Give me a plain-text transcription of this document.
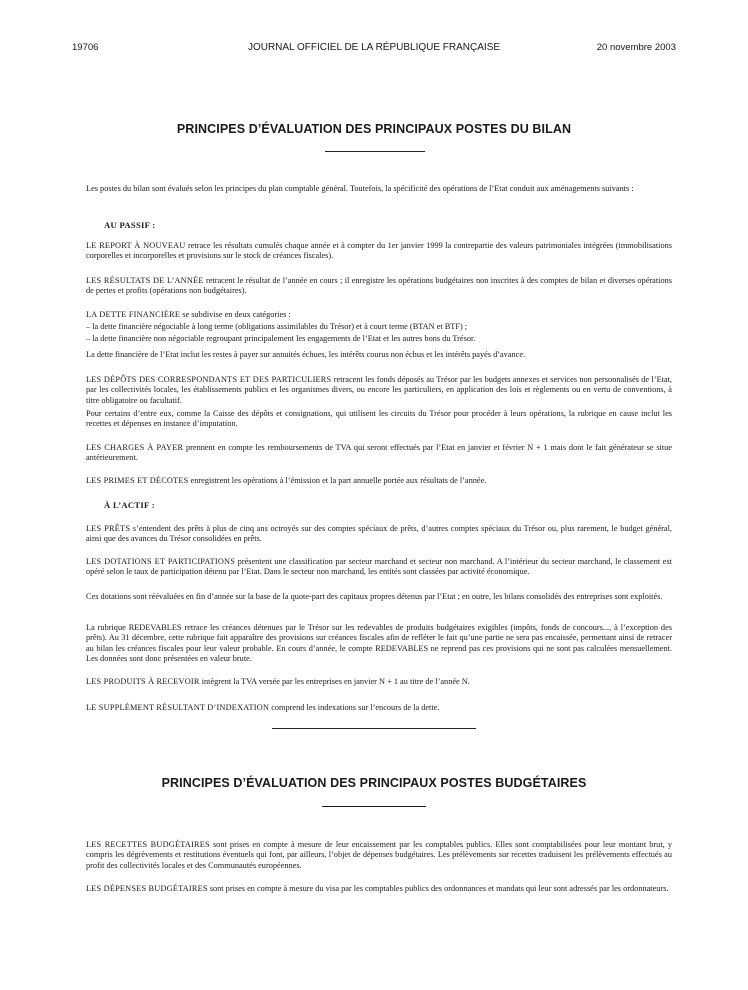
19706	JOURNAL OFFICIEL DE LA RÉPUBLIQUE FRANÇAISE	20 novembre 2003
PRINCIPES D’ÉVALUATION DES PRINCIPAUX POSTES DU BILAN
Les postes du bilan sont évalués selon les principes du plan comptable général. Toutefois, la spécificité des opérations de l’Etat conduit aux aménagements suivants :
AU PASSIF :
LE REPORT À NOUVEAU retrace les résultats cumulés chaque année et à compter du 1er janvier 1999 la contrepartie des valeurs patrimoniales intégrées (immobilisations corporelles et incorporelles et provisions sur le stock de créances fiscales).
LES RÉSULTATS DE L’ANNÉE retracent le résultat de l’année en cours ; il enregistre les opérations budgétaires non inscrites à des comptes de bilan et diverses opérations de pertes et profits (opérations non budgétaires).
LA DETTE FINANCIÈRE se subdivise en deux catégories :
– la dette financière négociable à long terme (obligations assimilables du Trésor) et à court terme (BTAN et BTF) ;
– la dette financière non négociable regroupant principalement les engagements de l’Etat et les autres bons du Trésor.
La dette financière de l’Etat inclut les restes à payer sur annuités échues, les intérêts courus non échus et les intérêts payés d’avance.
LES DÉPÔTS DES CORRESPONDANTS ET DES PARTICULIERS retracent les fonds déposés au Trésor par les budgets annexes et services non personnalisés de l’Etat, par les collectivités locales, les établissements publics et les organismes divers, ou encore les particuliers, en application des lois et règlements ou en vertu de conventions, à titre obligatoire ou facultatif.
Pour certains d’entre eux, comme la Caisse des dépôts et consignations, qui utilisent les circuits du Trésor pour procéder à leurs opérations, la rubrique en cause inclut les recettes et dépenses en instance d’imputation.
LES CHARGES À PAYER prennent en compte les remboursements de TVA qui seront effectués par l’Etat en janvier et février N + 1 mais dont le fait générateur se situe antérieurement.
LES PRIMES ET DÉCOTES enregistrent les opérations à l’émission et la part annuelle portée aux résultats de l’année.
À L’ACTIF :
LES PRÊTS s’entendent des prêts à plus de cinq ans octroyés sur des comptes spéciaux de prêts, d’autres comptes spéciaux du Trésor ou, plus rarement, le budget général, ainsi que des avances du Trésor consolidées en prêts.
LES DOTATIONS ET PARTICIPATIONS présentent une classification par secteur marchand et secteur non marchand. A l’intérieur du secteur marchand, le classement est opéré selon le taux de participation détenu par l’Etat. Dans le secteur non marchand, les entités sont classées par activité économique.
Ces dotations sont réévaluées en fin d’année sur la base de la quote-part des capitaux propres détenus par l’Etat ; en outre, les bilans consolidés des entreprises sont exploités.
La rubrique REDEVABLES retrace les créances détenues par le Trésor sur les redevables de produits budgétaires exigibles (impôts, fonds de concours..., à l’exception des prêts). Au 31 décembre, cette rubrique fait apparaître des provisions sur créances fiscales afin de refléter le fait qu’une partie ne sera pas encaissée, permettant ainsi de retracer au bilan les créances fiscales pour leur valeur probable. En cours d’année, le compte REDEVABLES ne reprend pas ces provisions qui ne sont pas calculées mensuellement. Les données sont donc présentées en valeur brute.
LES PRODUITS À RECEVOIR intègrent la TVA versée par les entreprises en janvier N + 1 au titre de l’année N.
LE SUPPLÉMENT RÉSULTANT D’INDEXATION comprend les indexations sur l’encours de la dette.
PRINCIPES D’ÉVALUATION DES PRINCIPAUX POSTES BUDGÉTAIRES
LES RECETTES BUDGÉTAIRES sont prises en compte à mesure de leur encaissement par les comptables publics. Elles sont comptabilisées pour leur montant brut, y compris les dégrèvements et restitutions éventuels qui font, par ailleurs, l’objet de dépenses budgétaires. Les prélèvements sur recettes traduisent les prélèvements effectués au profit des collectivités locales et des Communautés européennes.
LES DÉPENSES BUDGÉTAIRES sont prises en compte à mesure du visa par les comptables publics des ordonnances et mandats qui leur sont adressés par les ordonnateurs.
